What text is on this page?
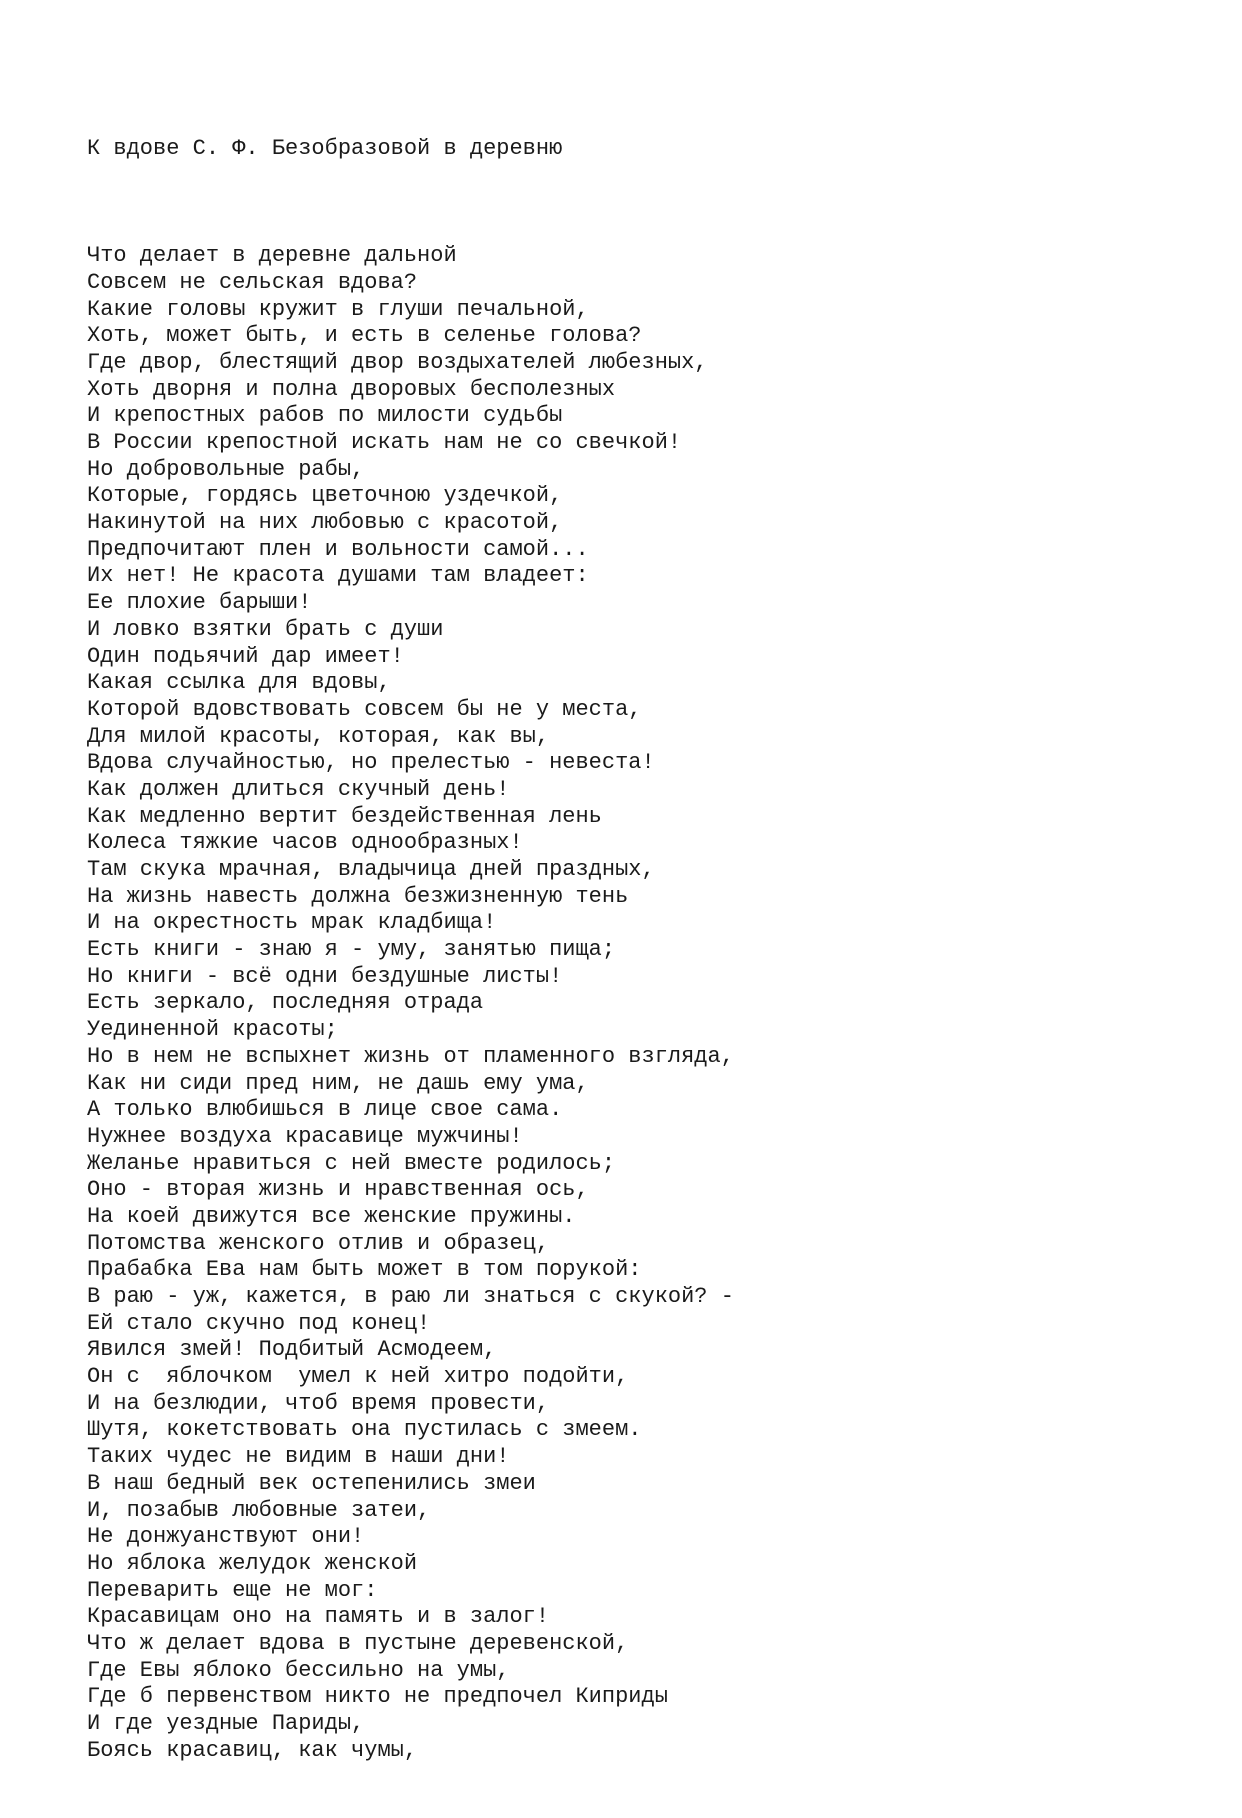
К вдове С. Ф. Безобразовой в деревню

Что делает в деревне дальной
Совсем не сельская вдова?
Какие головы кружит в глуши печальной,
Хоть, может быть, и есть в селенье голова?
Где двор, блестящий двор воздыхателей любезных,
Хоть дворня и полна дворовых бесполезных
И крепостных рабов по милости судьбы
В России крепостной искать нам не со свечкой!
Но добровольные рабы,
Которые, гордясь цветочною уздечкой,
Накинутой на них любовью с красотой,
Предпочитают плен и вольности самой...
Их нет! Не красота душами там владеет:
Ее плохие барыши!
И ловко взятки брать с души
Один подьячий дар имеет!
Какая ссылка для вдовы,
Которой вдовствовать совсем бы не у места,
Для милой красоты, которая, как вы,
Вдова случайностью, но прелестью - невеста!
Как должен длиться скучный день!
Как медленно вертит бездейственная лень
Колеса тяжкие часов однообразных!
Там скука мрачная, владычица дней праздных,
На жизнь навесть должна безжизненную тень
И на окрестность мрак кладбища!
Есть книги - знаю я - уму, занятью пища;
Но книги - всё одни бездушные листы!
Есть зеркало, последняя отрада
Уединенной красоты;
Но в нем не вспыхнет жизнь от пламенного взгляда,
Как ни сиди пред ним, не дашь ему ума,
А только влюбишься в лице свое сама.
Нужнее воздуха красавице мужчины!
Желанье нравиться с ней вместе родилось;
Оно - вторая жизнь и нравственная ось,
На коей движутся все женские пружины.
Потомства женского отлив и образец,
Прабабка Ева нам быть может в том порукой:
В раю - уж, кажется, в раю ли знаться с скукой? -
Ей стало скучно под конец!
Явился змей! Подбитый Асмодеем,
Он с  яблочком  умел к ней хитро подойти,
И на безлюдии, чтоб время провести,
Шутя, кокетствовать она пустилась с змеем.
Таких чудес не видим в наши дни!
В наш бедный век остепенились змеи
И, позабыв любовные затеи,
Не донжуанствуют они!
Но яблока желудок женской
Переварить еще не мог:
Красавицам оно на память и в залог!
Что ж делает вдова в пустыне деревенской,
Где Евы яблоко бессильно на умы,
Где б первенством никто не предпочел Киприды
И где уездные Париды,
Боясь красавиц, как чумы,
